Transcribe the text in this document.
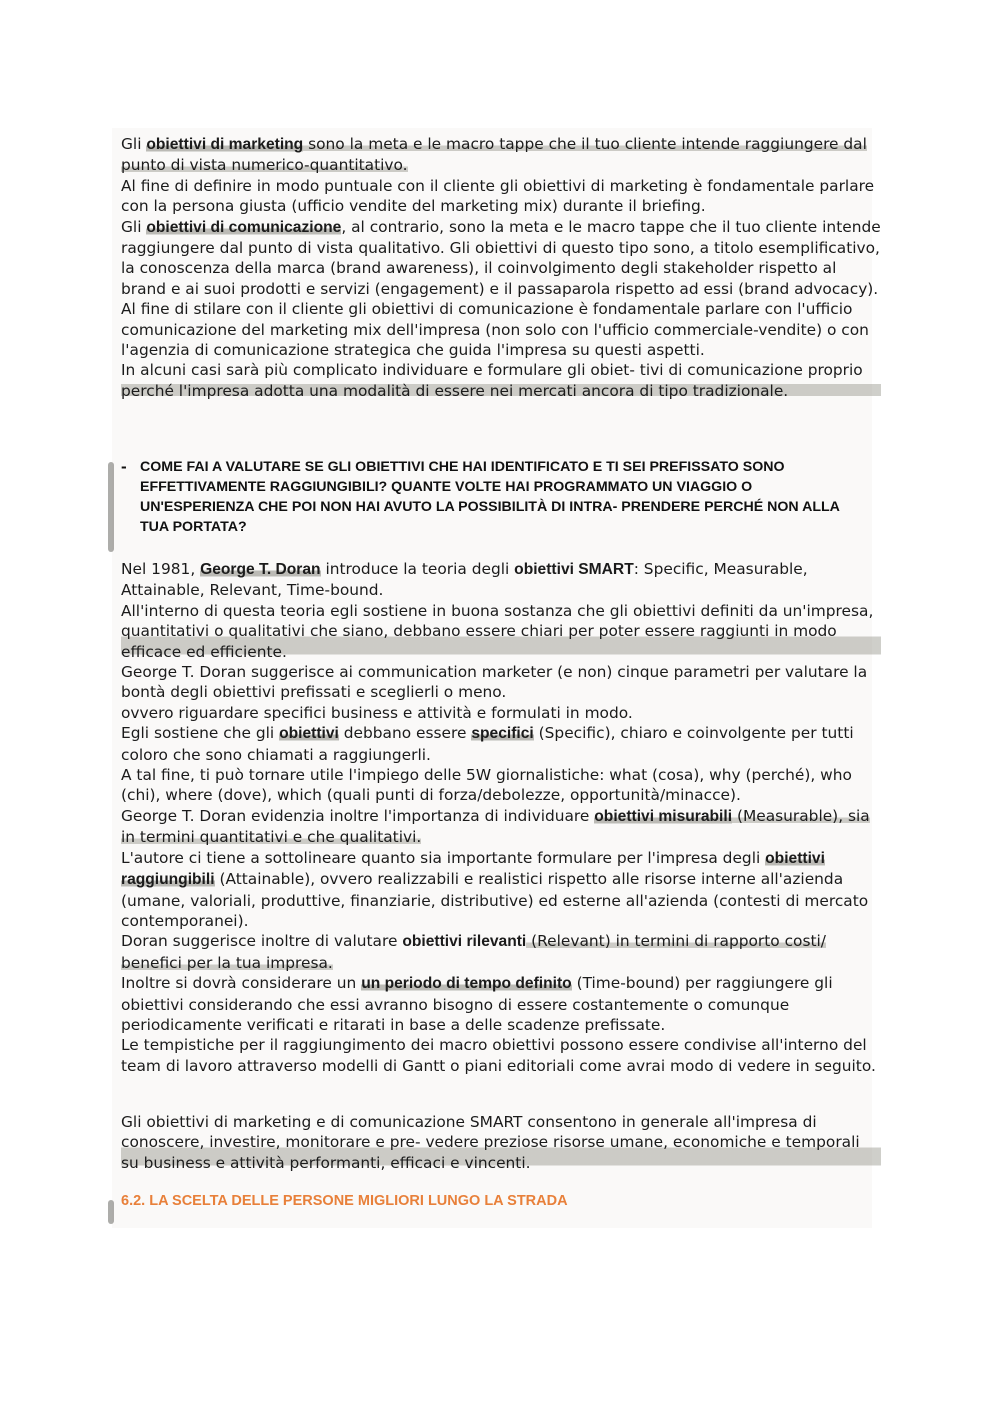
Gli obiettivi di marketing sono la meta e le macro tappe che il tuo cliente intende raggiungere dal punto di vista numerico-quantitativo.

Al fine di definire in modo puntuale con il cliente gli obiettivi di marketing è fondamentale parlare con la persona giusta (ufficio vendite del marketing mix) durante il briefing.

Gli obiettivi di comunicazione, al contrario, sono la meta e le macro tappe che il tuo cliente intende raggiungere dal punto di vista qualitativo. Gli obiettivi di questo tipo sono, a titolo esemplificativo, la conoscenza della marca (brand awareness), il coinvolgimento degli stakeholder rispetto al brand e ai suoi prodotti e servizi (engagement) e il passaparola rispetto ad essi (brand advocacy).

Al fine di stilare con il cliente gli obiettivi di comunicazione è fondamentale parlare con l'ufficio comunicazione del marketing mix dell'impresa (non solo con l'ufficio commerciale-vendite) o con l'agenzia di comunicazione strategica che guida l'impresa su questi aspetti.

In alcuni casi sarà più complicato individuare e formulare gli obiet- tivi di comunicazione proprio perché l'impresa adotta una modalità di essere nei mercati ancora di tipo tradizionale.

- COME FAI A VALUTARE SE GLI OBIETTIVI CHE HAI IDENTIFICATO E TI SEI PREFISSATO SONO EFFETTIVAMENTE RAGGIUNGIBILI? QUANTE VOLTE HAI PROGRAMMATO UN VIAGGIO O UN'ESPERIENZA CHE POI NON HAI AVUTO LA POSSIBILITÀ DI INTRA- PRENDERE PERCHÉ NON ALLA TUA PORTATA?

Nel 1981, George T. Doran introduce la teoria degli obiettivi SMART: Specific, Measurable, Attainable, Relevant, Time-bound.

All'interno di questa teoria egli sostiene in buona sostanza che gli obiettivi definiti da un'impresa, quantitativi o qualitativi che siano, debbano essere chiari per poter essere raggiunti in modo efficace ed efficiente.

George T. Doran suggerisce ai communication marketer (e non) cinque parametri per valutare la bontà degli obiettivi prefissati e sceglierli o meno.

ovvero riguardare specifici business e attività e formulati in modo.

Egli sostiene che gli obiettivi debbano essere specifici (Specific), chiaro e coinvolgente per tutti coloro che sono chiamati a raggiungerli.

A tal fine, ti può tornare utile l'impiego delle 5W giornalistiche: what (cosa), why (perché), who (chi), where (dove), which (quali punti di forza/debolezze, opportunità/minacce).

George T. Doran evidenzia inoltre l'importanza di individuare obiettivi misurabili (Measurable), sia in termini quantitativi e che qualitativi.

L'autore ci tiene a sottolineare quanto sia importante formulare per l'impresa degli obiettivi raggiungibili (Attainable), ovvero realizzabili e realistici rispetto alle risorse interne all'azienda (umane, valoriali, produttive, finanziarie, distributive) ed esterne all'azienda (contesti di mercato contemporanei).

Doran suggerisce inoltre di valutare obiettivi rilevanti (Relevant) in termini di rapporto costi/ benefici per la tua impresa.

Inoltre si dovrà considerare un un periodo di tempo definito (Time-bound) per raggiungere gli obiettivi considerando che essi avranno bisogno di essere costantemente o comunque periodicamente verificati e ritarati in base a delle scadenze prefissate.

Le tempistiche per il raggiungimento dei macro obiettivi possono essere condivise all'interno del team di lavoro attraverso modelli di Gantt o piani editoriali come avrai modo di vedere in seguito.

Gli obiettivi di marketing e di comunicazione SMART consentono in generale all'impresa di conoscere, investire, monitorare e pre- vedere preziose risorse umane, economiche e temporali su business e attività performanti, efficaci e vincenti.

6.2. LA SCELTA DELLE PERSONE MIGLIORI LUNGO LA STRADA
